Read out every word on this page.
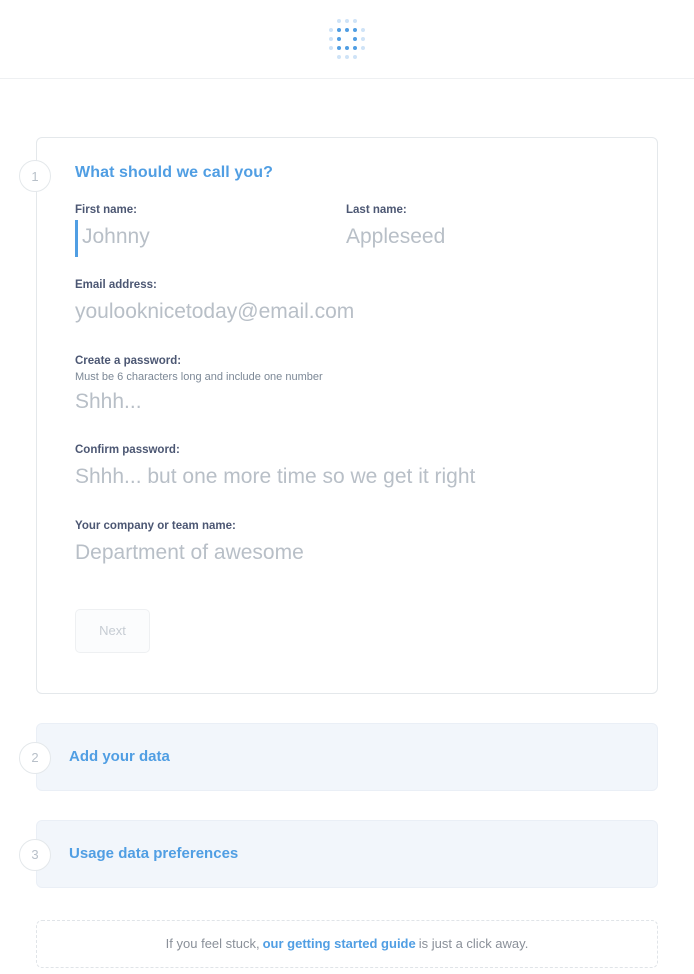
1	What should we call you?
First name:
Johnny	Last name:
Appleseed
Email address:
youlooknicetoday@email.com
Create a password:
Must be 6 characters long and include one number
Shhh...
Confirm password:
Shhh... but one more time so we get it right
Your company or team name:
Department of awesome
Next
2	Add your data
3	Usage data preferences
If you feel stuck, our getting started guide is just a click away.
